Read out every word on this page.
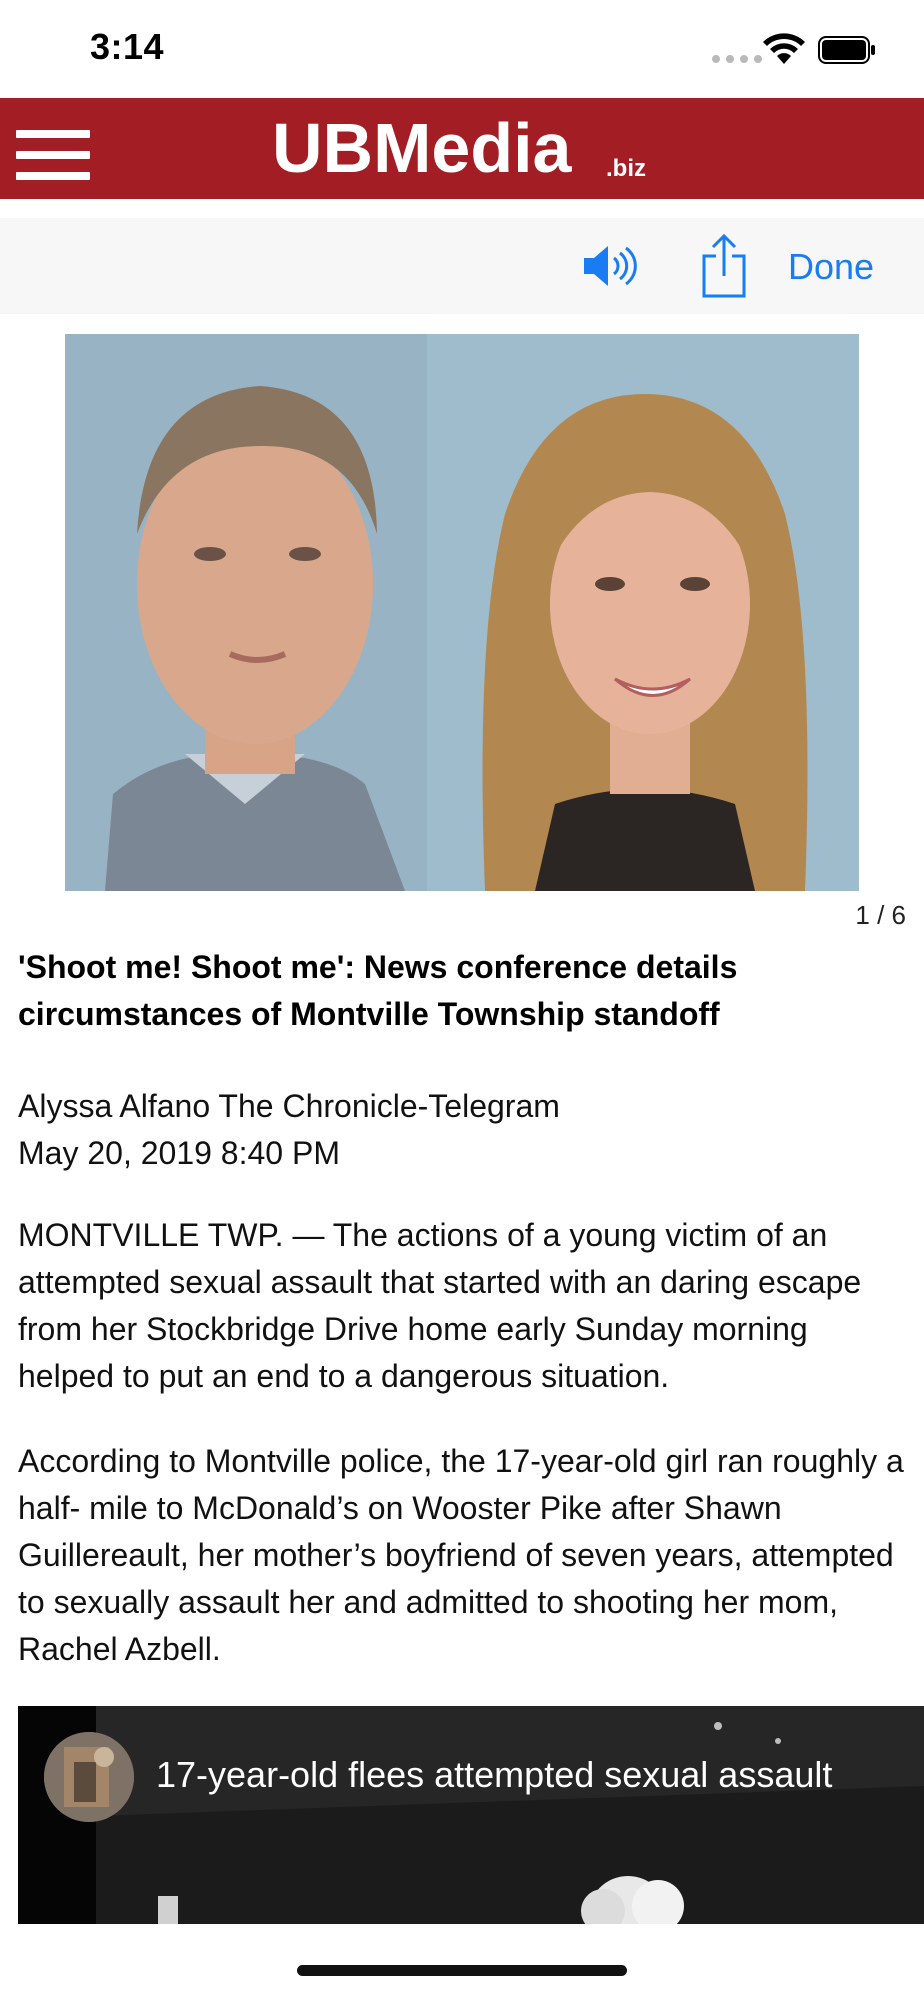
3:14
UBMedia .biz
Done
1 / 6
'Shoot me! Shoot me': News conference details circumstances of Montville Township standoff
Alyssa Alfano The Chronicle-Telegram
May 20, 2019 8:40 PM

MONTVILLE TWP. — The actions of a young victim of an attempted sexual assault that started with an daring escape from her Stockbridge Drive home early Sunday morning helped to put an end to a dangerous situation.

According to Montville police, the 17-year-old girl ran roughly a half- mile to McDonald’s on Wooster Pike after Shawn Guillereault, her mother’s boyfriend of seven years, attempted to sexually assault her and admitted to shooting her mom, Rachel Azbell.

17-year-old flees attempted sexual assault
